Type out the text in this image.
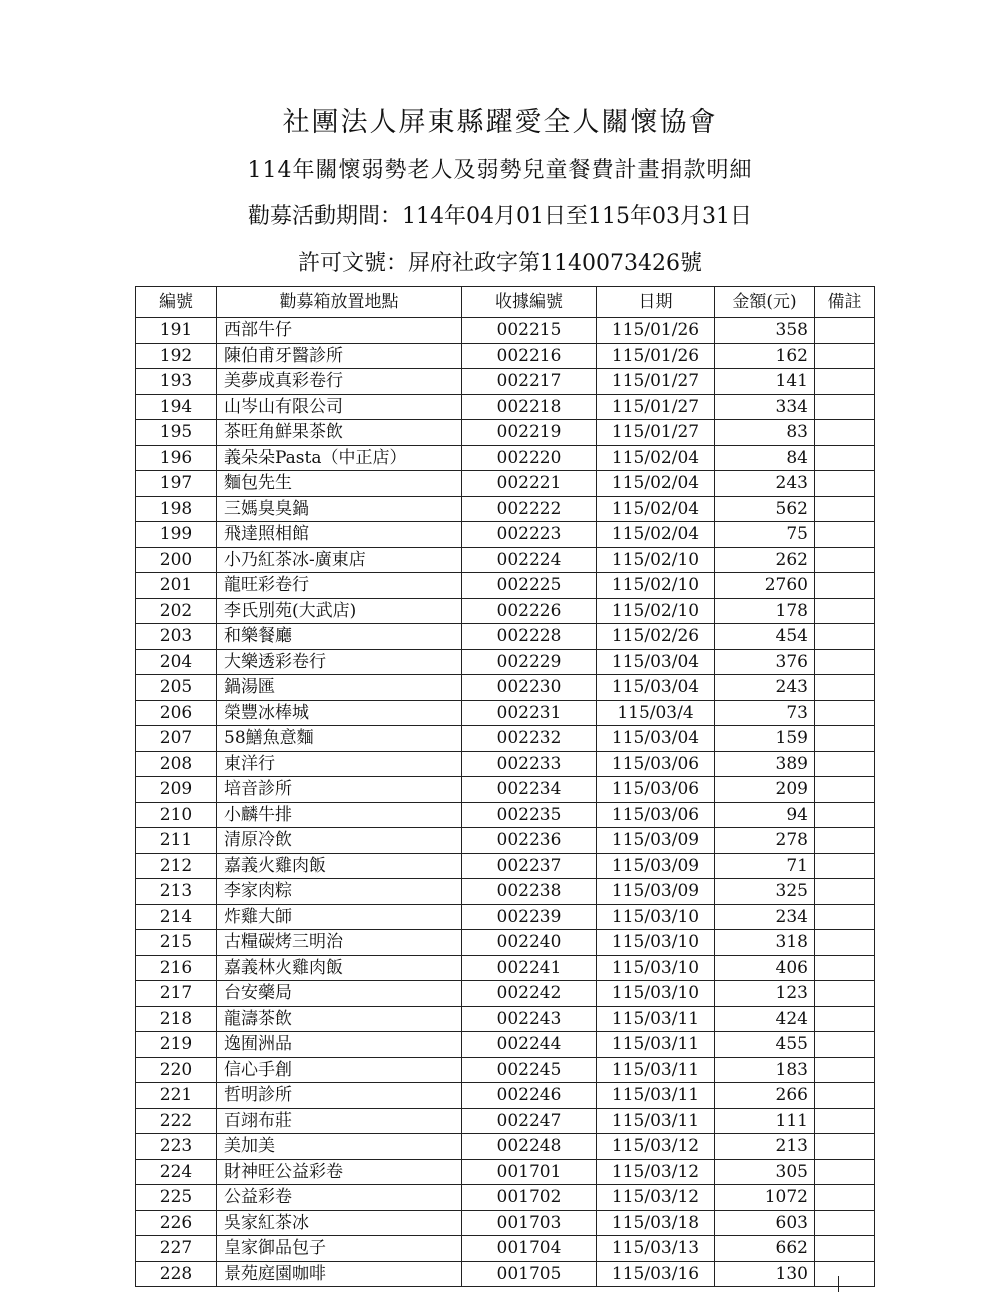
社團法人屏東縣躍愛全人關懷協會
114年關懷弱勢老人及弱勢兒童餐費計畫捐款明細
勸募活動期間：114年04月01日至115年03月31日
許可文號：屏府社政字第1140073426號
編號	勸募箱放置地點	收據編號	日期	金額(元)	備註
191	西部牛仔	002215	115/01/26	358	
192	陳伯甫牙醫診所	002216	115/01/26	162	
193	美夢成真彩卷行	002217	115/01/27	141	
194	山岑山有限公司	002218	115/01/27	334	
195	茶旺角鮮果茶飲	002219	115/01/27	83	
196	義朵朵Pasta（中正店）	002220	115/02/04	84	
197	麵包先生	002221	115/02/04	243	
198	三媽臭臭鍋	002222	115/02/04	562	
199	飛達照相館	002223	115/02/04	75	
200	小乃紅茶冰-廣東店	002224	115/02/10	262	
201	龍旺彩卷行	002225	115/02/10	2760	
202	李氏別苑(大武店)	002226	115/02/10	178	
203	和樂餐廳	002228	115/02/26	454	
204	大樂透彩卷行	002229	115/03/04	376	
205	鍋湯匯	002230	115/03/04	243	
206	榮豐冰棒城	002231	115/03/4	73	
207	58鱔魚意麵	002232	115/03/04	159	
208	東洋行	002233	115/03/06	389	
209	培音診所	002234	115/03/06	209	
210	小麟牛排	002235	115/03/06	94	
211	清原冷飲	002236	115/03/09	278	
212	嘉義火雞肉飯	002237	115/03/09	71	
213	李家肉粽	002238	115/03/09	325	
214	炸雞大師	002239	115/03/10	234	
215	古糧碳烤三明治	002240	115/03/10	318	
216	嘉義林火雞肉飯	002241	115/03/10	406	
217	台安藥局	002242	115/03/10	123	
218	龍濤茶飲	002243	115/03/11	424	
219	逸囿洲品	002244	115/03/11	455	
220	信心手創	002245	115/03/11	183	
221	哲明診所	002246	115/03/11	266	
222	百翊布莊	002247	115/03/11	111	
223	美加美	002248	115/03/12	213	
224	財神旺公益彩卷	001701	115/03/12	305	
225	公益彩卷	001702	115/03/12	1072	
226	吳家紅茶冰	001703	115/03/18	603	
227	皇家御品包子	001704	115/03/13	662	
228	景苑庭園咖啡	001705	115/03/16	130	
